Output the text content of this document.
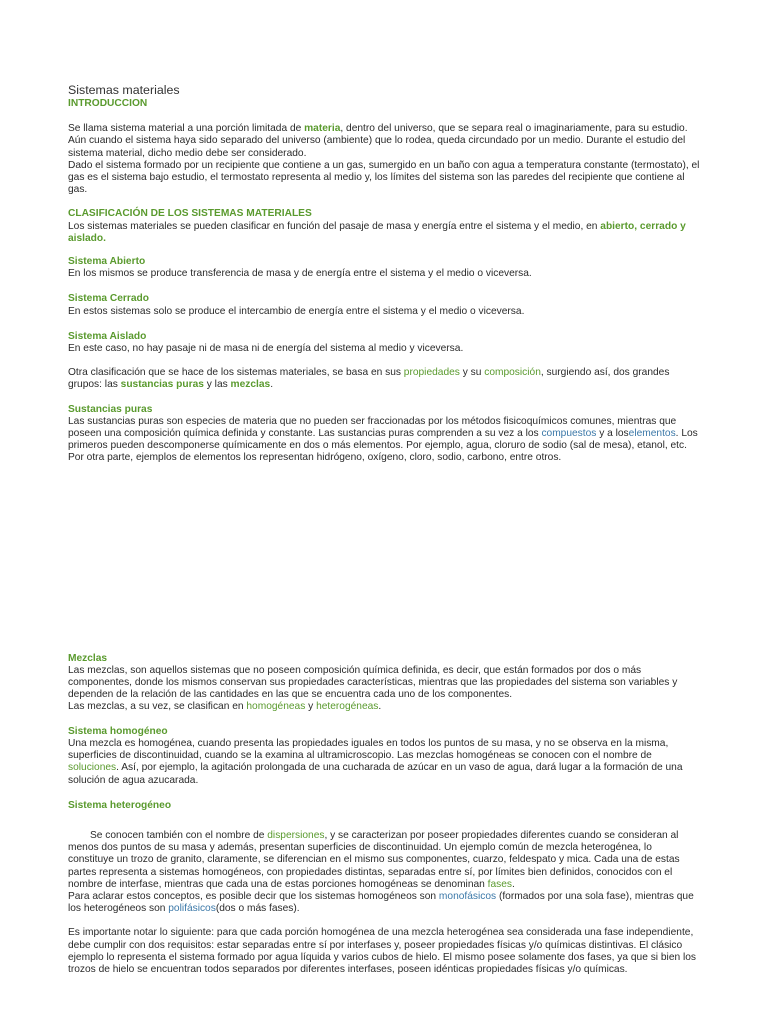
Sistemas materiales
INTRODUCCION

Se llama sistema material a una porción limitada de materia, dentro del universo, que se separa real o imaginariamente, para su estudio.

Aún cuando el sistema haya sido separado del universo (ambiente) que lo rodea, queda circundado por un medio. Durante el estudio del sistema material, dicho medio debe ser considerado.

Dado el sistema formado por un recipiente que contiene a un gas, sumergido en un baño con agua a temperatura constante (termostato), el gas es el sistema bajo estudio, el termostato representa al medio y, los límites del sistema son las paredes del recipiente que contiene al gas.

CLASIFICACIÓN DE LOS SISTEMAS MATERIALES

Los sistemas materiales se pueden clasificar en función del pasaje de masa y energía entre el sistema y el medio, en abierto, cerrado y aislado.

Sistema Abierto

En los mismos se produce transferencia de masa y de energía entre el sistema y el medio o viceversa.

Sistema Cerrado

En estos sistemas solo se produce el intercambio de energía entre el sistema y el medio o viceversa.

Sistema Aislado

En este caso, no hay pasaje ni de masa ni de energía del sistema al medio y viceversa.

Otra clasificación que se hace de los sistemas materiales, se basa en sus propiedades y su composición, surgiendo así, dos grandes grupos: las sustancias puras y las mezclas.

Sustancias puras

Las sustancias puras son especies de materia que no pueden ser fraccionadas por los métodos fisicoquímicos comunes, mientras que poseen una composición química definida y constante. Las sustancias puras comprenden a su vez a los compuestos y a loselementos. Los primeros pueden descomponerse químicamente en dos o más elementos. Por ejemplo, agua, cloruro de sodio (sal de mesa), etanol, etc. Por otra parte, ejemplos de elementos los representan hidrógeno, oxígeno, cloro, sodio, carbono, entre otros.

Mezclas

Las mezclas, son aquellos sistemas que no poseen composición química definida, es decir, que están formados por dos o más componentes, donde los mismos conservan sus propiedades características, mientras que las propiedades del sistema son variables y dependen de la relación de las cantidades en las que se encuentra cada uno de los componentes.

Las mezclas, a su vez, se clasifican en homogéneas y heterogéneas.

Sistema homogéneo

Una mezcla es homogénea, cuando presenta las propiedades iguales en todos los puntos de su masa, y no se observa en la misma, superficies de discontinuidad, cuando se la examina al ultramicroscopio. Las mezclas homogéneas se conocen con el nombre de soluciones. Así, por ejemplo, la agitación prolongada de una cucharada de azúcar en un vaso de agua, dará lugar a la formación de una solución de agua azucarada.

Sistema heterogéneo

Se conocen también con el nombre de dispersiones, y se caracterizan por poseer propiedades diferentes cuando se consideran al menos dos puntos de su masa y además, presentan superficies de discontinuidad. Un ejemplo común de mezcla heterogénea, lo constituye un trozo de granito, claramente, se diferencian en el mismo sus componentes, cuarzo, feldespato y mica. Cada una de estas partes representa a sistemas homogéneos, con propiedades distintas, separadas entre sí, por límites bien definidos, conocidos con el nombre de interfase, mientras que cada una de estas porciones homogéneas se denominan fases.

Para aclarar estos conceptos, es posible decir que los sistemas homogéneos son monofásicos (formados por una sola fase), mientras que los heterogéneos son polifásicos(dos o más fases).

Es importante notar lo siguiente: para que cada porción homogénea de una mezcla heterogénea sea considerada una fase independiente, debe cumplir con dos requisitos: estar separadas entre sí por interfases y, poseer propiedades físicas y/o químicas distintivas. El clásico ejemplo lo representa el sistema formado por agua líquida y varios cubos de hielo. El mismo posee solamente dos fases, ya que si bien los trozos de hielo se encuentran todos separados por diferentes interfases, poseen idénticas propiedades físicas y/o químicas.
